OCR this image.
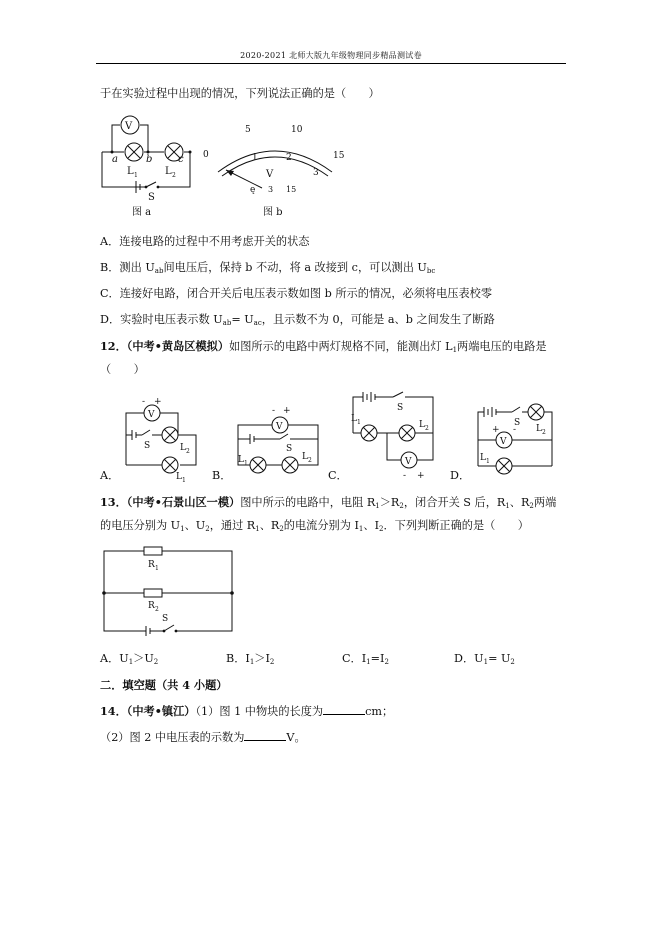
2020-2021 北师大版九年级物理同步精品测试卷
于在实验过程中出现的情况，下列说法正确的是（　　）
V
a	b	c
L 1	L 2
S
图 a
0
5	10
15
1	2
3
V
ę 3 15
图 b
A．连接电路的过程中不用考虑开关的状态
B．测出 $U_{ab}$间电压后，保持 b 不动，将 a 改接到 c，可以测出 $U_{bc}$
C．连接好电路，闭合开关后电压表示数如图 b 所示的情况，必须将电压表校零
D．实验时电压表示数 $U_{ab}= U_{ac}$，且示数不为 0，可能是 a、b 之间发生了断路
12．（中考•黄岛区模拟）如图所示的电路中两灯规格不同，能测出灯 $L_1$两端电压的电路是
（　　）
- +
V
S	L 2
L 1
A．
- +
V
S
L 1
L 2
B．
S
V
L 1	L 2
- +
C．
S
L 2
V
+ -
L 1
D．
13．（中考•石景山区一模）图中所示的电路中，电阻 $R_1>R_2$，闭合开关 S 后，$R_1$、$R_2$两端
的电压分别为 $U_1$、$U_2$，通过 $R_1$、$R_2$的电流分别为 $I_1$、$I_2$．下列判断正确的是（　　）
R 1
R 2
S
A．$U_1>U_2$	B．$I_1>I_2$	C．$I_1=I_2$	D．$U_1= U_2$
二．填空题（共 4 小题）
14．（中考•镇江）（1）图 1 中物块的长度为	cm；
（2）图 2 中电压表的示数为	V。
